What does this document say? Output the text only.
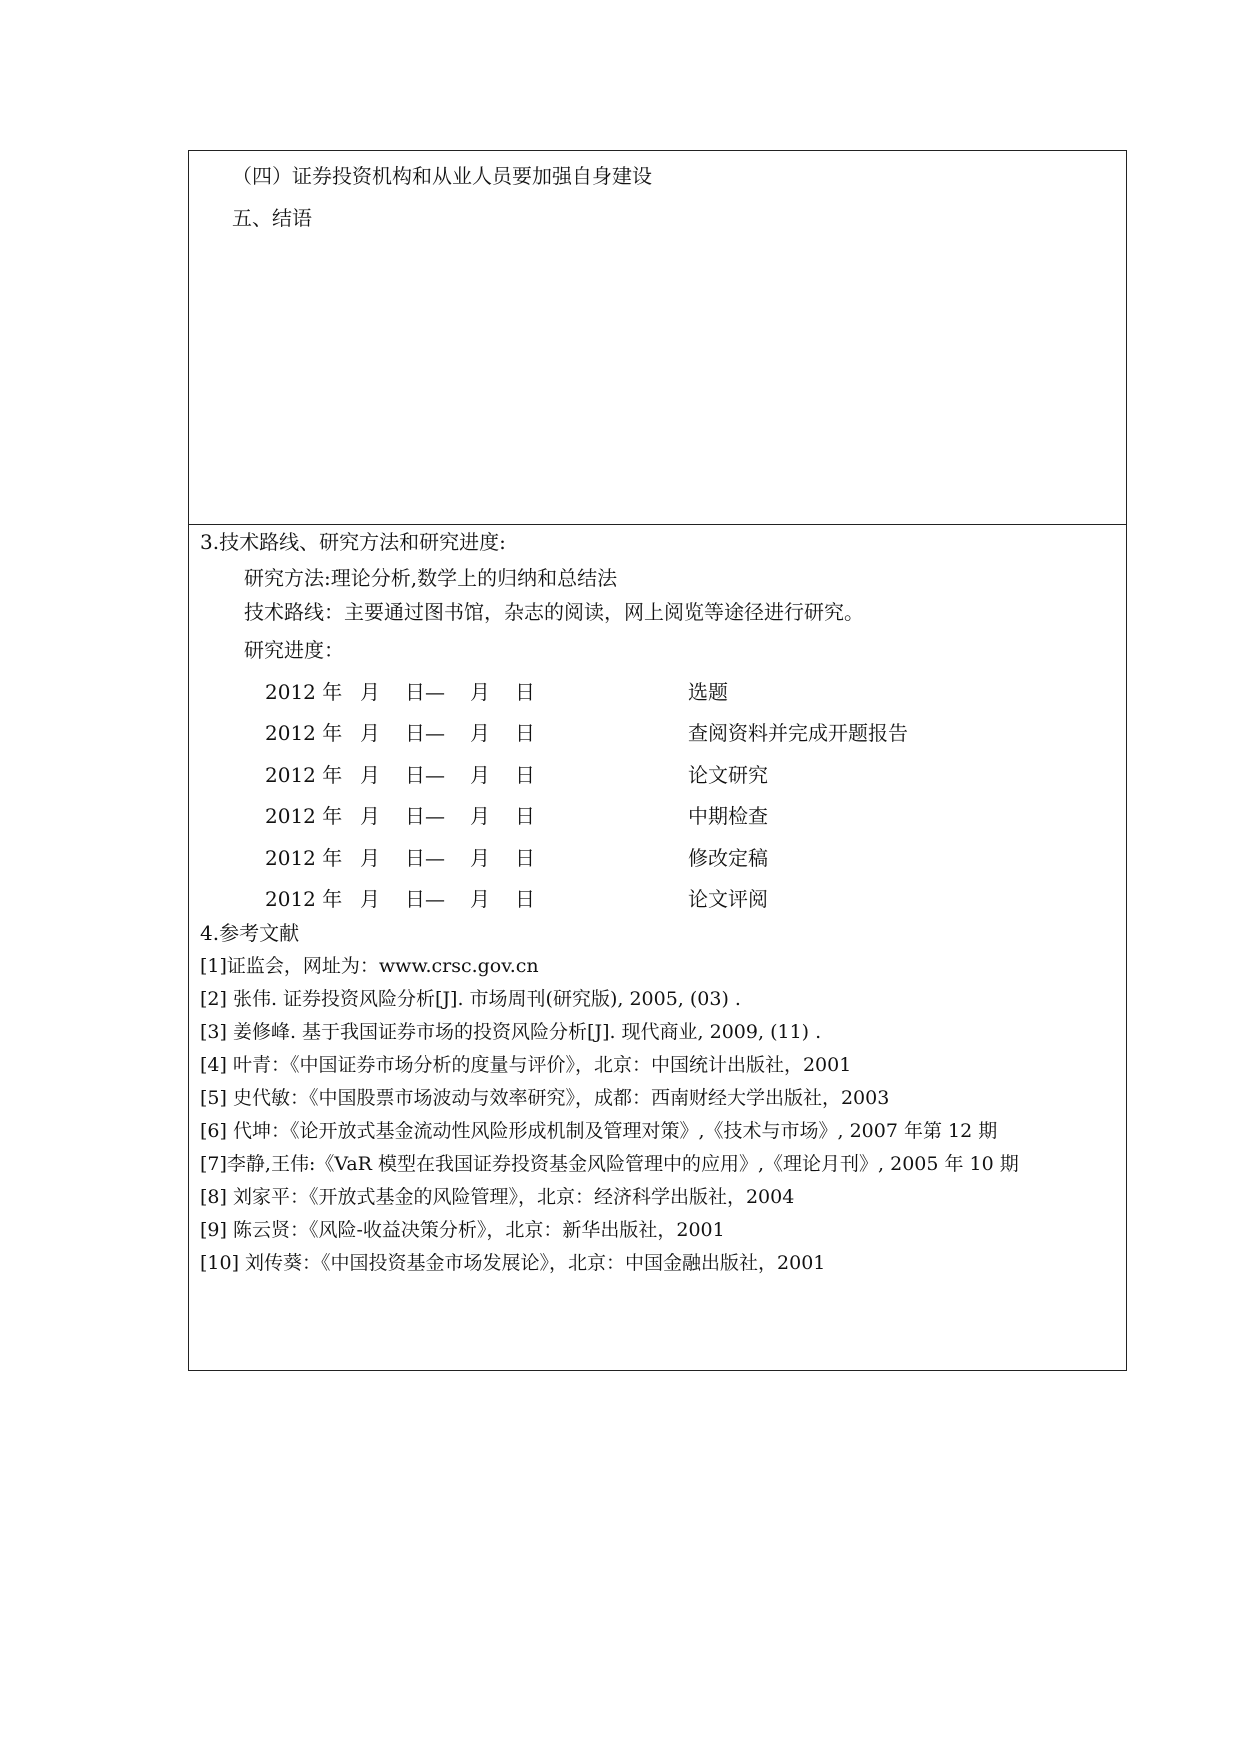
（四）证券投资机构和从业人员要加强自身建设
五、结语
3.技术路线、研究方法和研究进度:
研究方法:理论分析,数学上的归纳和总结法
技术路线：主要通过图书馆，杂志的阅读，网上阅览等途径进行研究。
研究进度：
2012 年 月 日— 月 日	选题
2012 年 月 日— 月 日	查阅资料并完成开题报告
2012 年 月 日— 月 日	论文研究
2012 年 月 日— 月 日	中期检查
2012 年 月 日— 月 日	修改定稿
2012 年 月 日— 月 日	论文评阅
4.参考文献
[1]证监会，网址为：www.crsc.gov.cn
[2] 张伟. 证券投资风险分析[J]. 市场周刊(研究版), 2005, (03) .
[3] 姜修峰. 基于我国证券市场的投资风险分析[J]. 现代商业, 2009, (11) .
[4] 叶青：《中国证券市场分析的度量与评价》，北京：中国统计出版社，2001
[5] 史代敏：《中国股票市场波动与效率研究》，成都：西南财经大学出版社，2003
[6] 代坤：《论开放式基金流动性风险形成机制及管理对策》,《技术与市场》, 2007 年第 12 期
[7]李静,王伟:《VaR 模型在我国证券投资基金风险管理中的应用》,《理论月刊》, 2005 年 10 期
[8] 刘家平：《开放式基金的风险管理》，北京：经济科学出版社，2004
[9] 陈云贤：《风险-收益决策分析》，北京：新华出版社，2001
[10] 刘传葵：《中国投资基金市场发展论》，北京：中国金融出版社，2001
